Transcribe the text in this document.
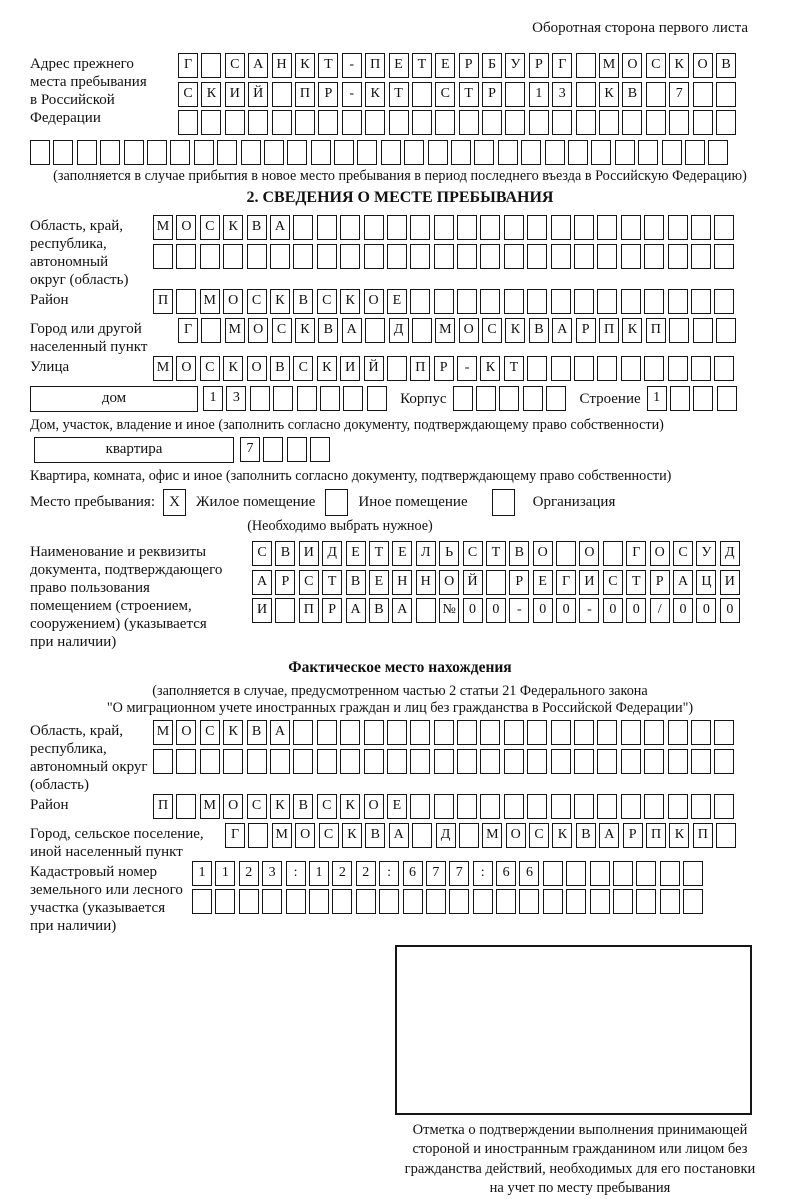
Оборотная сторона первого листа
Адрес прежнего
места пребывания
в Российской
Федерации
Г	С А Н К Т - П Е Т Е Р Б У Р Г	М О С К О В
С К И Й	П Р - К Т	С Т Р	1 3	К В	7
(заполняется в случае прибытия в новое место пребывания в период последнего въезда в Российскую Федерацию)
2. СВЕДЕНИЯ О МЕСТЕ ПРЕБЫВАНИЯ
Область, край,
республика,
автономный
округ (область)
М О С К В А
Район	П	М О С К В С К О Е
Город или другой
населенный пункт
Г	М О С К В А	Д	М О С К В А Р П К П
Улица	М О С К О В С К И Й	П Р - К Т
дом	1 3	Корпус	Строение 1
Дом, участок, владение и иное (заполнить согласно документу, подтверждающему право собственности)
квартира	7
Квартира, комната, офис и иное (заполнить согласно документу, подтверждающему право собственности)
Место пребывания: X Жилое помещение	Иное помещение	Организация
(Необходимо выбрать нужное)
Наименование и реквизиты
документа, подтверждающего
право пользования
помещением (строением,
сооружением) (указывается
при наличии)
С В И Д Е Т Е Л Ь С Т В О	О	Г О С У Д
А Р С Т В Е Н Н О Й	Р Е Г И С Т Р А Ц И
И	П Р А В А	№ 0 0 - 0 0 - 0 0 / 0 0 0
Фактическое место нахождения
(заполняется в случае, предусмотренном частью 2 статьи 21 Федерального закона
"О миграционном учете иностранных граждан и лиц без гражданства в Российской Федерации")
Область, край,
республика,
автономный округ
(область)
М О С К В А
Район	П	М О С К В С К О Е
Город, сельское поселение,
иной населенный пункт
Г	М О С К В А	Д	М О С К В А Р П К П
Кадастровый номер
земельного или лесного
участка (указывается
при наличии)
1 1 2 3 : 1 2 2 : 6 7 7 : 6 6
Отметка о подтверждении выполнения принимающей
стороной и иностранным гражданином или лицом без
гражданства действий, необходимых для его постановки
на учет по месту пребывания
